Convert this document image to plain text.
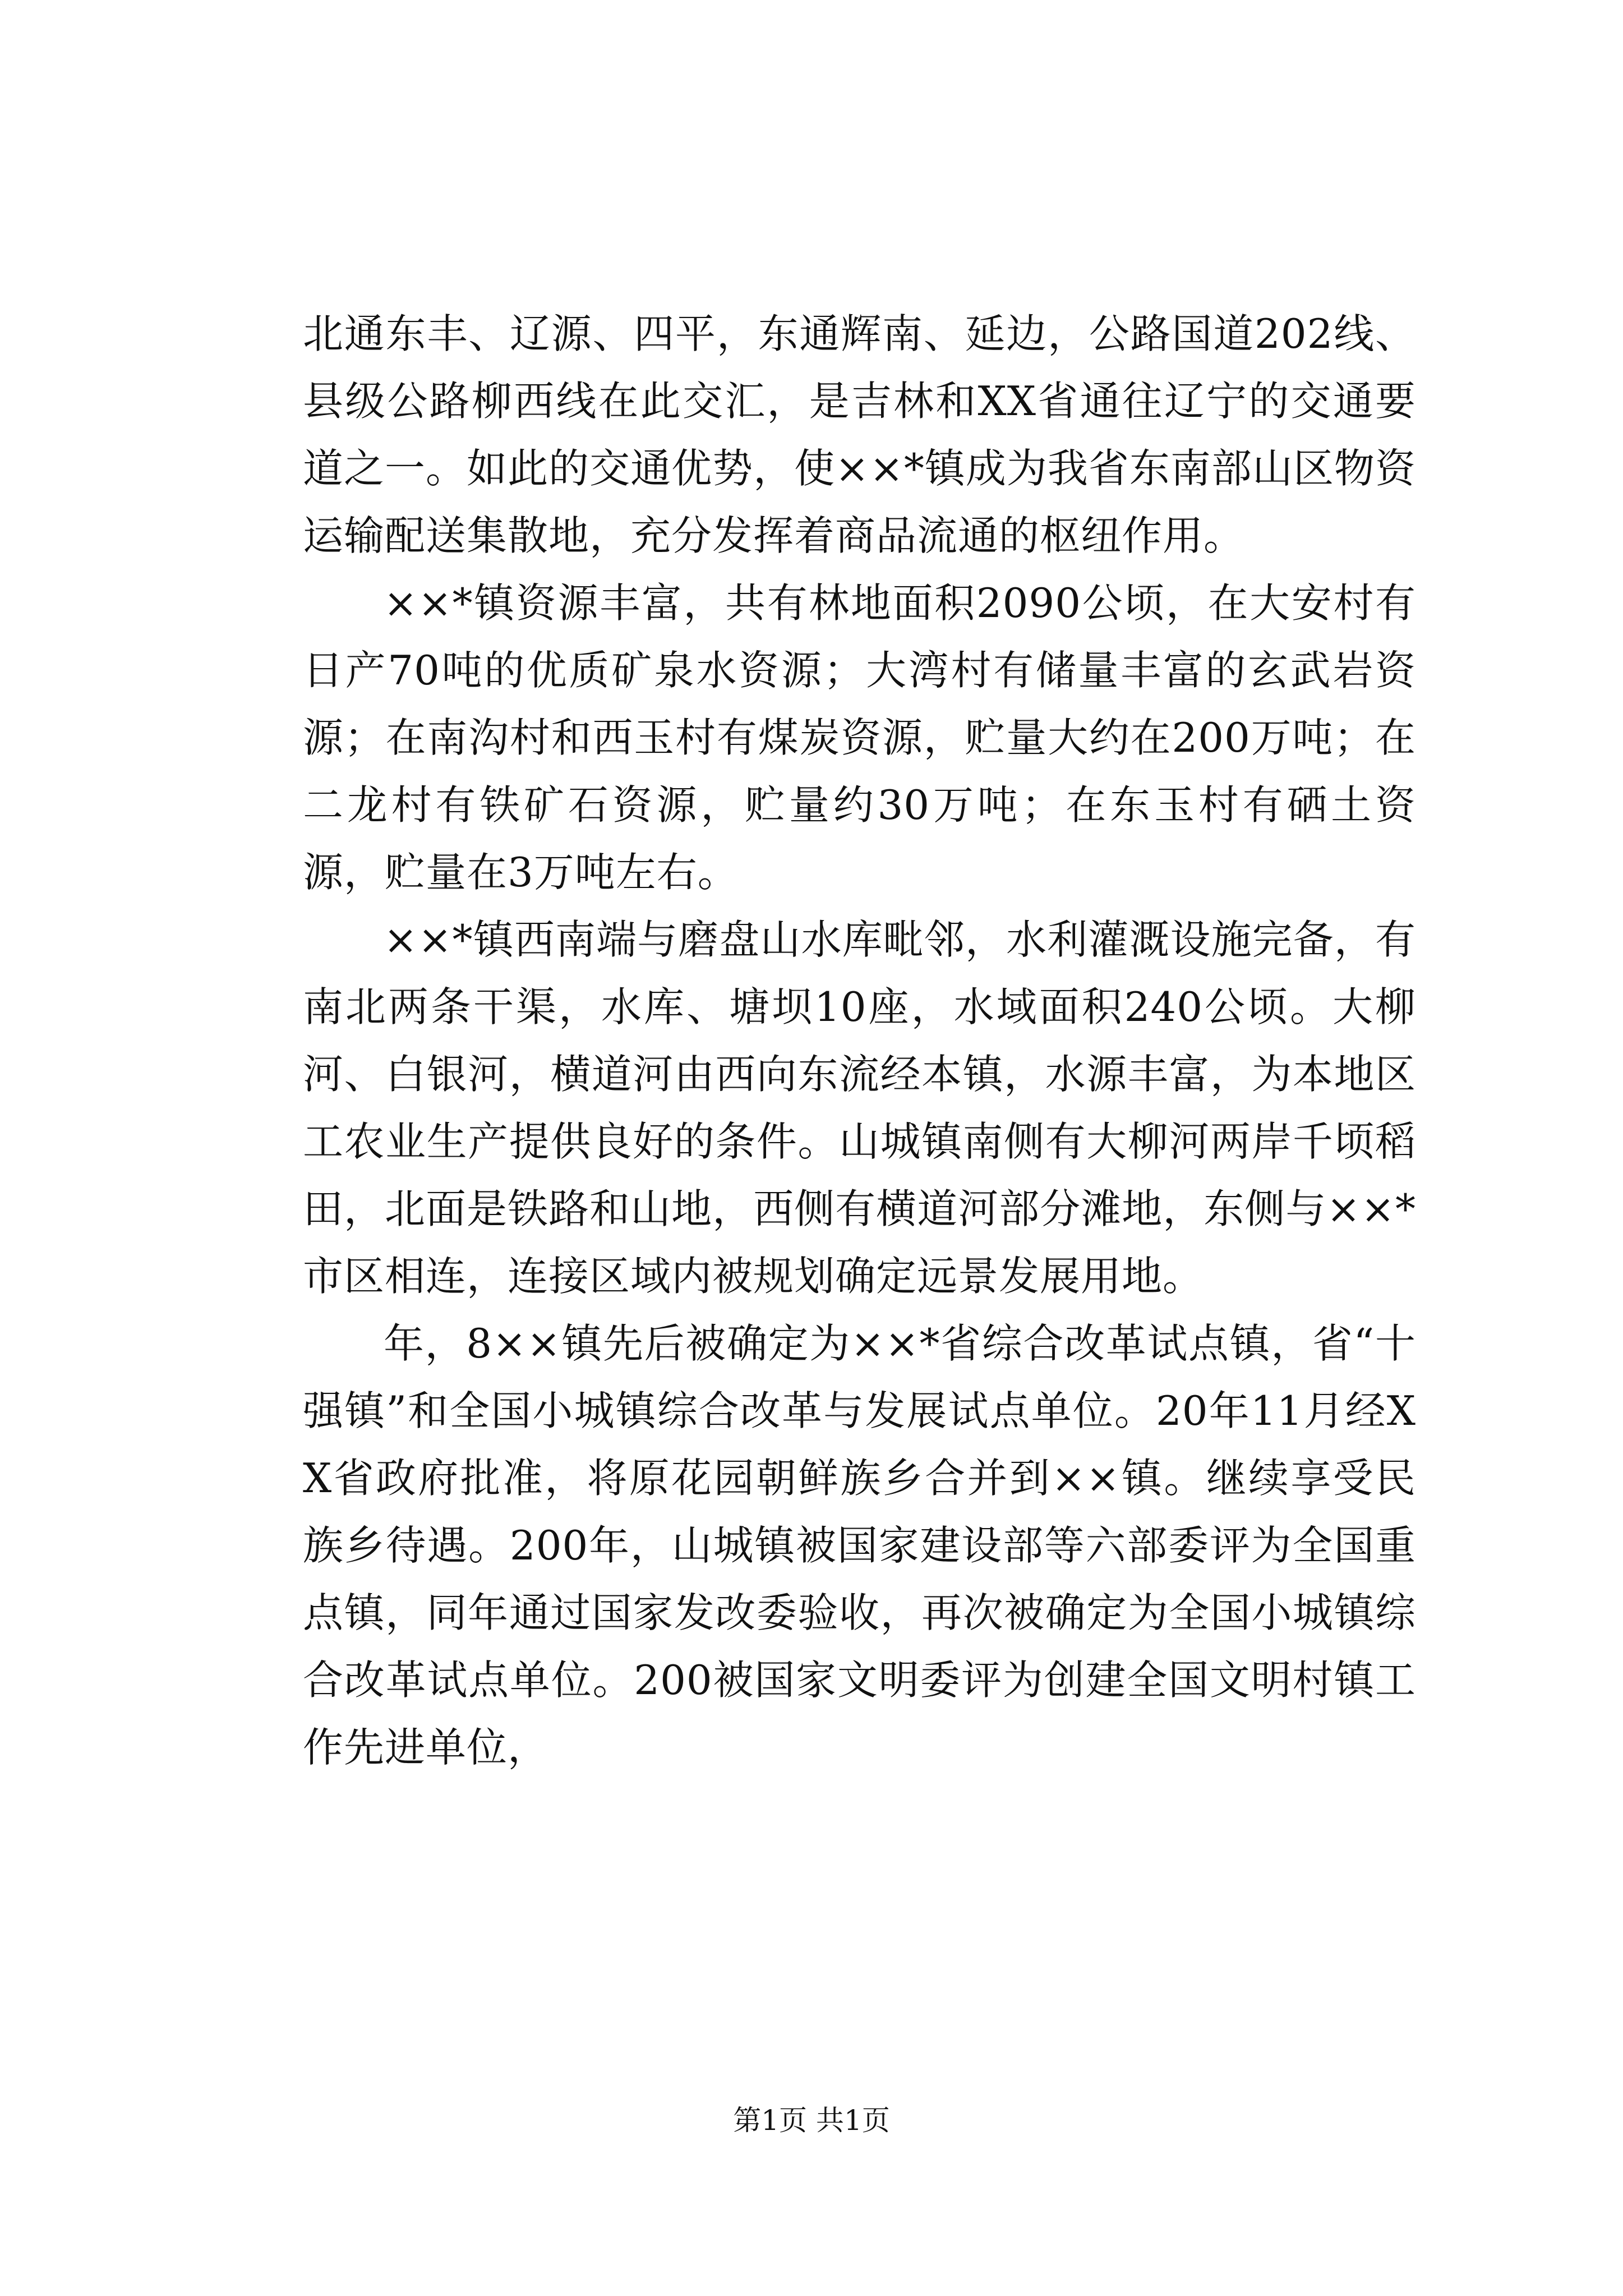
北通东丰、辽源、四平，东通辉南、延边，公路国道202线、县级公路柳西线在此交汇，是吉林和XX省通往辽宁的交通要道之一。如此的交通优势，使××*镇成为我省东南部山区物资运输配送集散地，充分发挥着商品流通的枢纽作用。

××*镇资源丰富，共有林地面积2090公顷，在大安村有日产70吨的优质矿泉水资源；大湾村有储量丰富的玄武岩资源；在南沟村和西玉村有煤炭资源，贮量大约在200万吨；在二龙村有铁矿石资源，贮量约30万吨；在东玉村有硒土资源，贮量在3万吨左右。

××*镇西南端与磨盘山水库毗邻，水利灌溉设施完备，有南北两条干渠，水库、塘坝10座，水域面积240公顷。大柳河、白银河，横道河由西向东流经本镇，水源丰富，为本地区工农业生产提供良好的条件。山城镇南侧有大柳河两岸千顷稻田，北面是铁路和山地，西侧有横道河部分滩地，东侧与××*市区相连，连接区域内被规划确定远景发展用地。

年，8××镇先后被确定为××*省综合改革试点镇，省“十强镇”和全国小城镇综合改革与发展试点单位。20年11月经XX省政府批准，将原花园朝鲜族乡合并到××镇。继续享受民族乡待遇。200年，山城镇被国家建设部等六部委评为全国重点镇，同年通过国家发改委验收，再次被确定为全国小城镇综合改革试点单位。200被国家文明委评为创建全国文明村镇工作先进单位，

第1页 共1页
